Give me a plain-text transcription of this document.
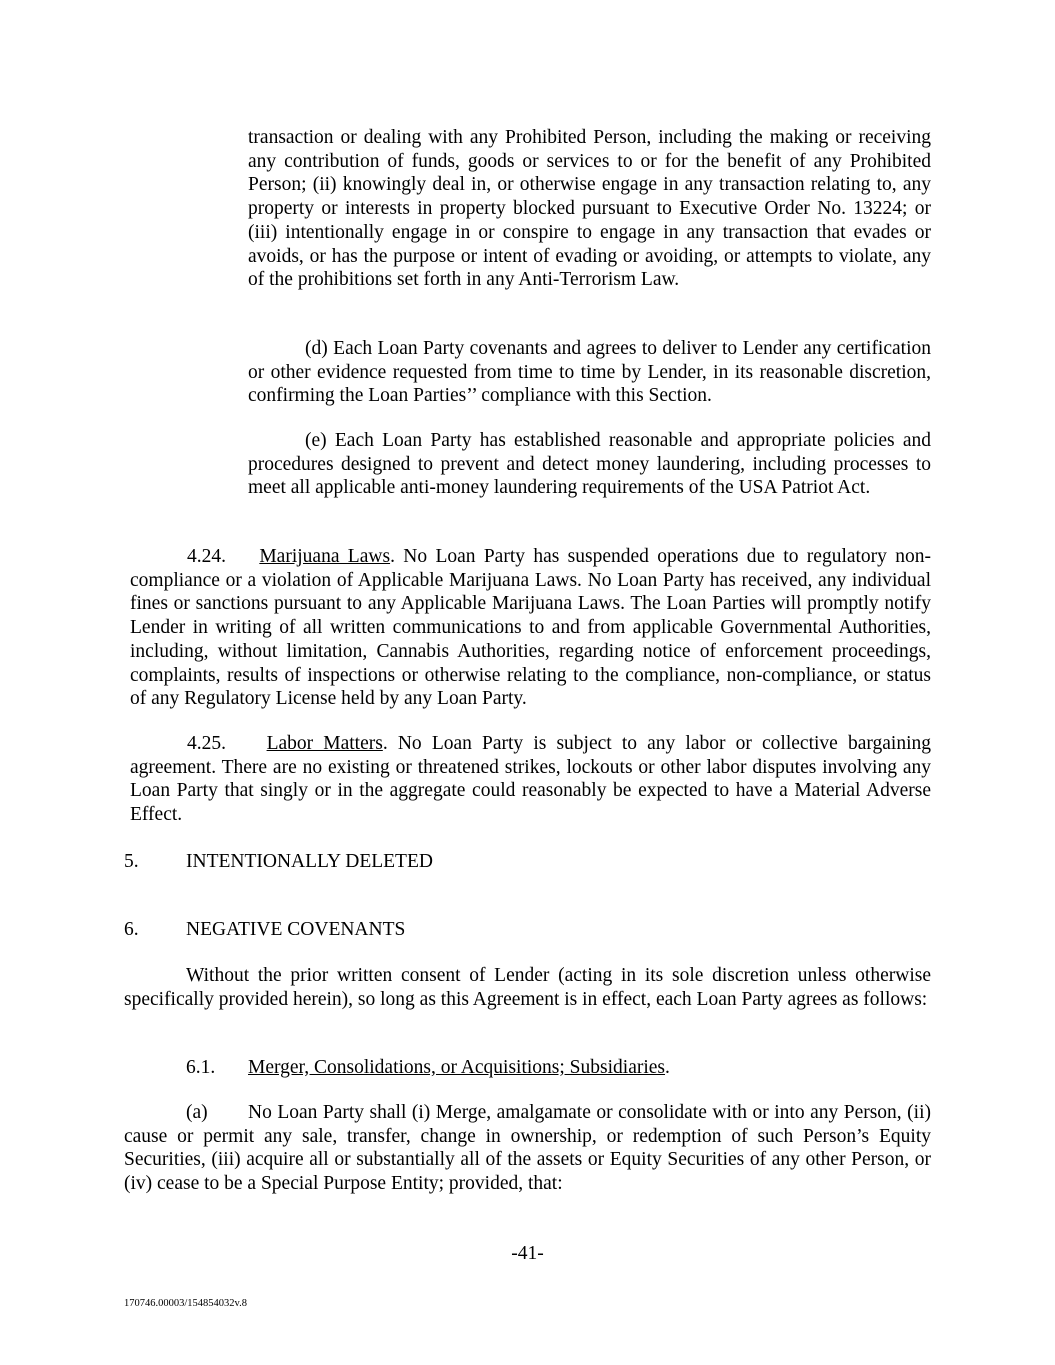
transaction or dealing with any Prohibited Person, including the making or receiving any contribution of funds, goods or services to or for the benefit of any Prohibited Person; (ii) knowingly deal in, or otherwise engage in any transaction relating to, any property or interests in property blocked pursuant to Executive Order No. 13224; or (iii) intentionally engage in or conspire to engage in any transaction that evades or avoids, or has the purpose or intent of evading or avoiding, or attempts to violate, any of the prohibitions set forth in any Anti-Terrorism Law.

(d) Each Loan Party covenants and agrees to deliver to Lender any certification or other evidence requested from time to time by Lender, in its reasonable discretion, confirming the Loan Parties’’ compliance with this Section.

(e) Each Loan Party has established reasonable and appropriate policies and procedures designed to prevent and detect money laundering, including processes to meet all applicable anti-money laundering requirements of the USA Patriot Act.

4.24. Marijuana Laws. No Loan Party has suspended operations due to regulatory non-compliance or a violation of Applicable Marijuana Laws. No Loan Party has received, any individual fines or sanctions pursuant to any Applicable Marijuana Laws. The Loan Parties will promptly notify Lender in writing of all written communications to and from applicable Governmental Authorities, including, without limitation, Cannabis Authorities, regarding notice of enforcement proceedings, complaints, results of inspections or otherwise relating to the compliance, non-compliance, or status of any Regulatory License held by any Loan Party.

4.25. Labor Matters. No Loan Party is subject to any labor or collective bargaining agreement. There are no existing or threatened strikes, lockouts or other labor disputes involving any Loan Party that singly or in the aggregate could reasonably be expected to have a Material Adverse Effect.

5. INTENTIONALLY DELETED

6. NEGATIVE COVENANTS

Without the prior written consent of Lender (acting in its sole discretion unless otherwise specifically provided herein), so long as this Agreement is in effect, each Loan Party agrees as follows:

6.1. Merger, Consolidations, or Acquisitions; Subsidiaries.

(a) No Loan Party shall (i) Merge, amalgamate or consolidate with or into any Person, (ii) cause or permit any sale, transfer, change in ownership, or redemption of such Person’s Equity Securities, (iii) acquire all or substantially all of the assets or Equity Securities of any other Person, or (iv) cease to be a Special Purpose Entity; provided, that:

-41-

170746.00003/154854032v.8
